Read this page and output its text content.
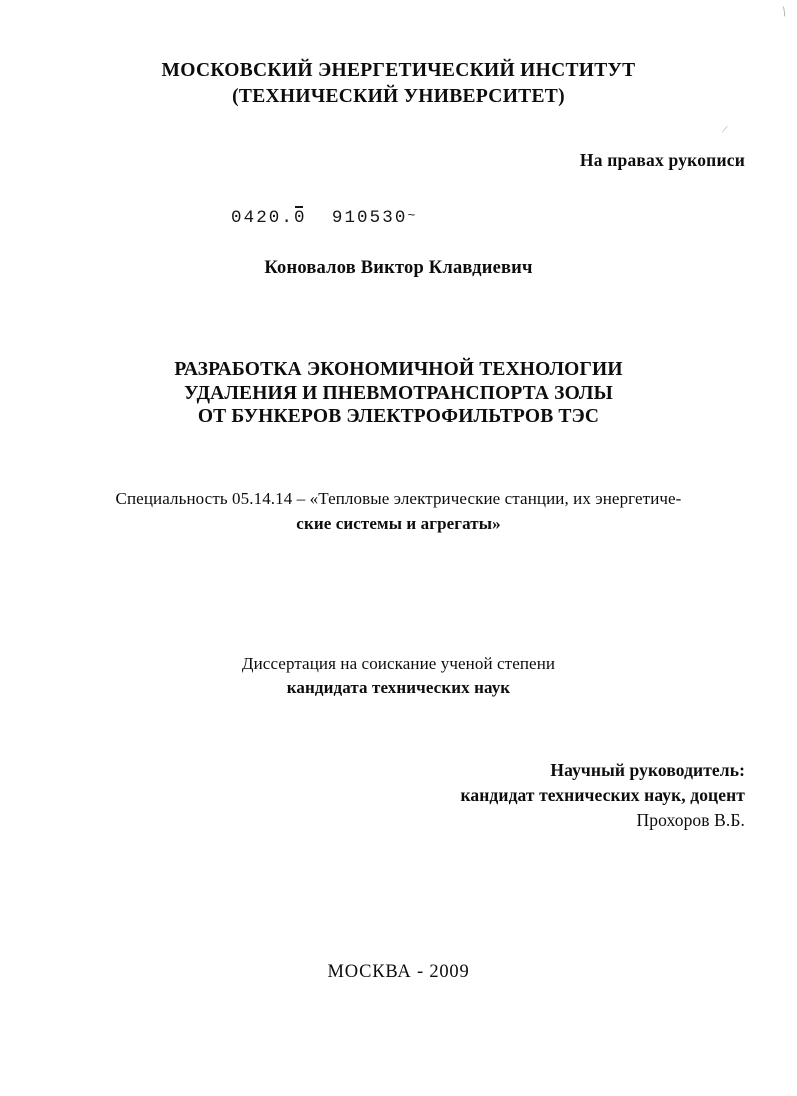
\
/
МОСКОВСКИЙ ЭНЕРГЕТИЧЕСКИЙ ИНСТИТУТ
(ТЕХНИЧЕСКИЙ УНИВЕРСИТЕТ)
На правах рукописи
0420.0 910530~
Коновалов Виктор Клавдиевич
РАЗРАБОТКА ЭКОНОМИЧНОЙ ТЕХНОЛОГИИ
УДАЛЕНИЯ И ПНЕВМОТРАНСПОРТА ЗОЛЫ
ОТ БУНКЕРОВ ЭЛЕКТРОФИЛЬТРОВ ТЭС
Специальность 05.14.14 – «Тепловые электрические станции, их энергетиче-
ские системы и агрегаты»
Диссертация на соискание ученой степени
кандидата технических наук
Научный руководитель:
кандидат технических наук, доцент
Прохоров В.Б.
МОСКВА - 2009
